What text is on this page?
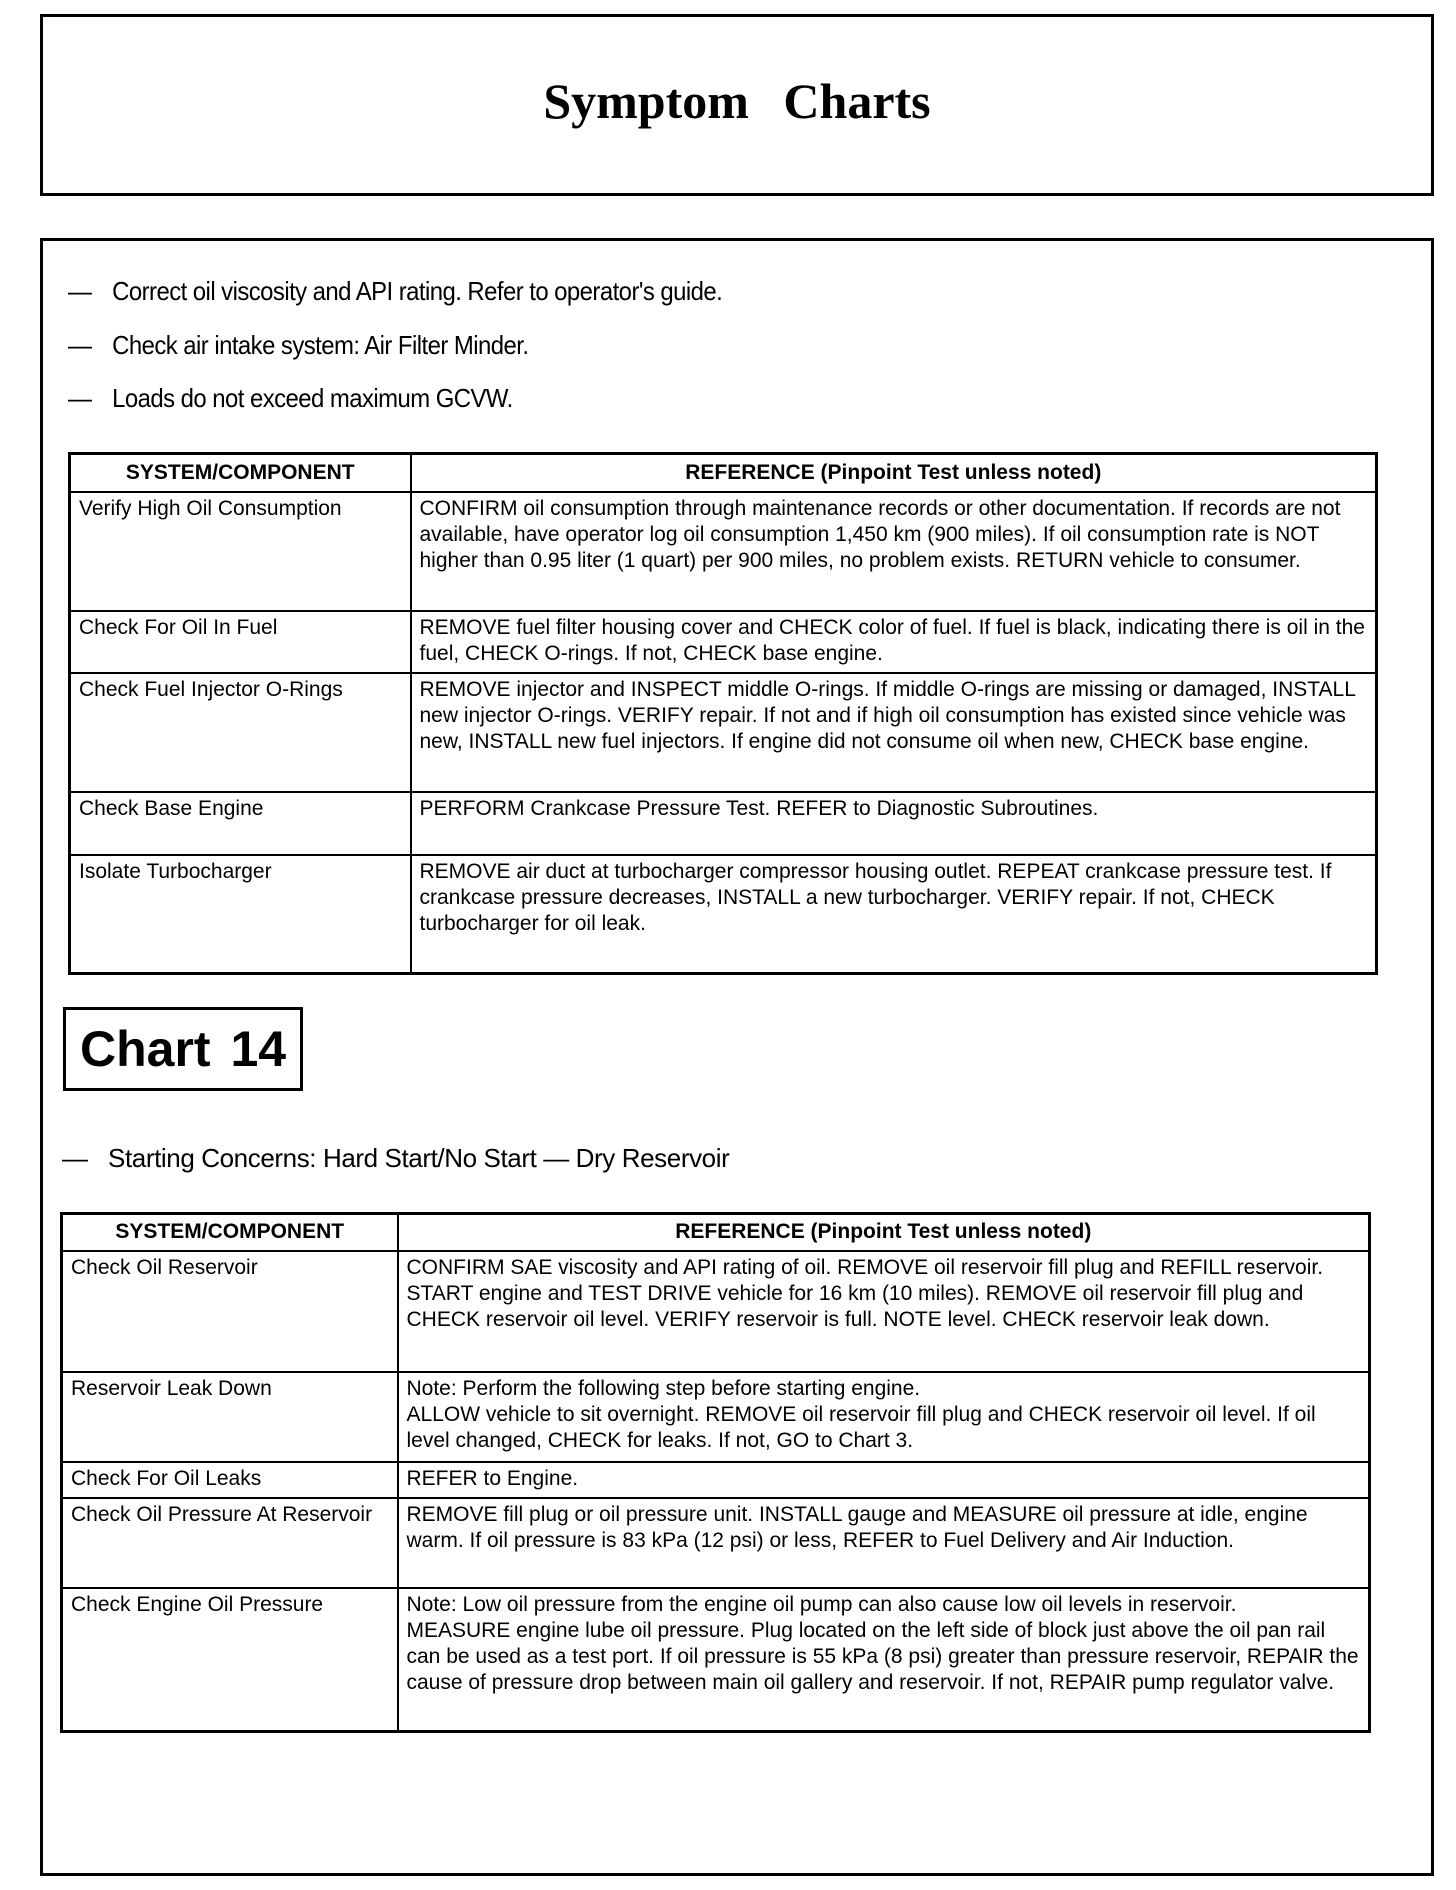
Symptom Charts
— Correct oil viscosity and API rating. Refer to operator's guide.
— Check air intake system: Air Filter Minder.
— Loads do not exceed maximum GCVW.
SYSTEM/COMPONENT	REFERENCE (Pinpoint Test unless noted)
Verify High Oil Consumption	CONFIRM oil consumption through maintenance records or other documentation. If records are not available, have operator log oil consumption 1,450 km (900 miles). If oil consumption rate is NOT higher than 0.95 liter (1 quart) per 900 miles, no problem exists. RETURN vehicle to consumer.
Check For Oil In Fuel	REMOVE fuel filter housing cover and CHECK color of fuel. If fuel is black, indicating there is oil in the fuel, CHECK O-rings. If not, CHECK base engine.
Check Fuel Injector O-Rings	REMOVE injector and INSPECT middle O-rings. If middle O-rings are missing or damaged, INSTALL new injector O-rings. VERIFY repair. If not and if high oil consumption has existed since vehicle was new, INSTALL new fuel injectors. If engine did not consume oil when new, CHECK base engine.
Check Base Engine	PERFORM Crankcase Pressure Test. REFER to Diagnostic Subroutines.
Isolate Turbocharger	REMOVE air duct at turbocharger compressor housing outlet. REPEAT crankcase pressure test. If crankcase pressure decreases, INSTALL a new turbocharger. VERIFY repair. If not, CHECK turbocharger for oil leak.
Chart 14
— Starting Concerns: Hard Start/No Start — Dry Reservoir
SYSTEM/COMPONENT	REFERENCE (Pinpoint Test unless noted)
Check Oil Reservoir	CONFIRM SAE viscosity and API rating of oil. REMOVE oil reservoir fill plug and REFILL reservoir. START engine and TEST DRIVE vehicle for 16 km (10 miles). REMOVE oil reservoir fill plug and CHECK reservoir oil level. VERIFY reservoir is full. NOTE level. CHECK reservoir leak down.
Reservoir Leak Down	Note: Perform the following step before starting engine.
ALLOW vehicle to sit overnight. REMOVE oil reservoir fill plug and CHECK reservoir oil level. If oil level changed, CHECK for leaks. If not, GO to Chart 3.

Check For Oil Leaks	REFER to Engine.
Check Oil Pressure At Reservoir	REMOVE fill plug or oil pressure unit. INSTALL gauge and MEASURE oil pressure at idle, engine warm. If oil pressure is 83 kPa (12 psi) or less, REFER to Fuel Delivery and Air Induction.
Check Engine Oil Pressure	Note: Low oil pressure from the engine oil pump can also cause low oil levels in reservoir.
MEASURE engine lube oil pressure. Plug located on the left side of block just above the oil pan rail can be used as a test port. If oil pressure is 55 kPa (8 psi) greater than pressure reservoir, REPAIR the cause of pressure drop between main oil gallery and reservoir. If not, REPAIR pump regulator valve.
